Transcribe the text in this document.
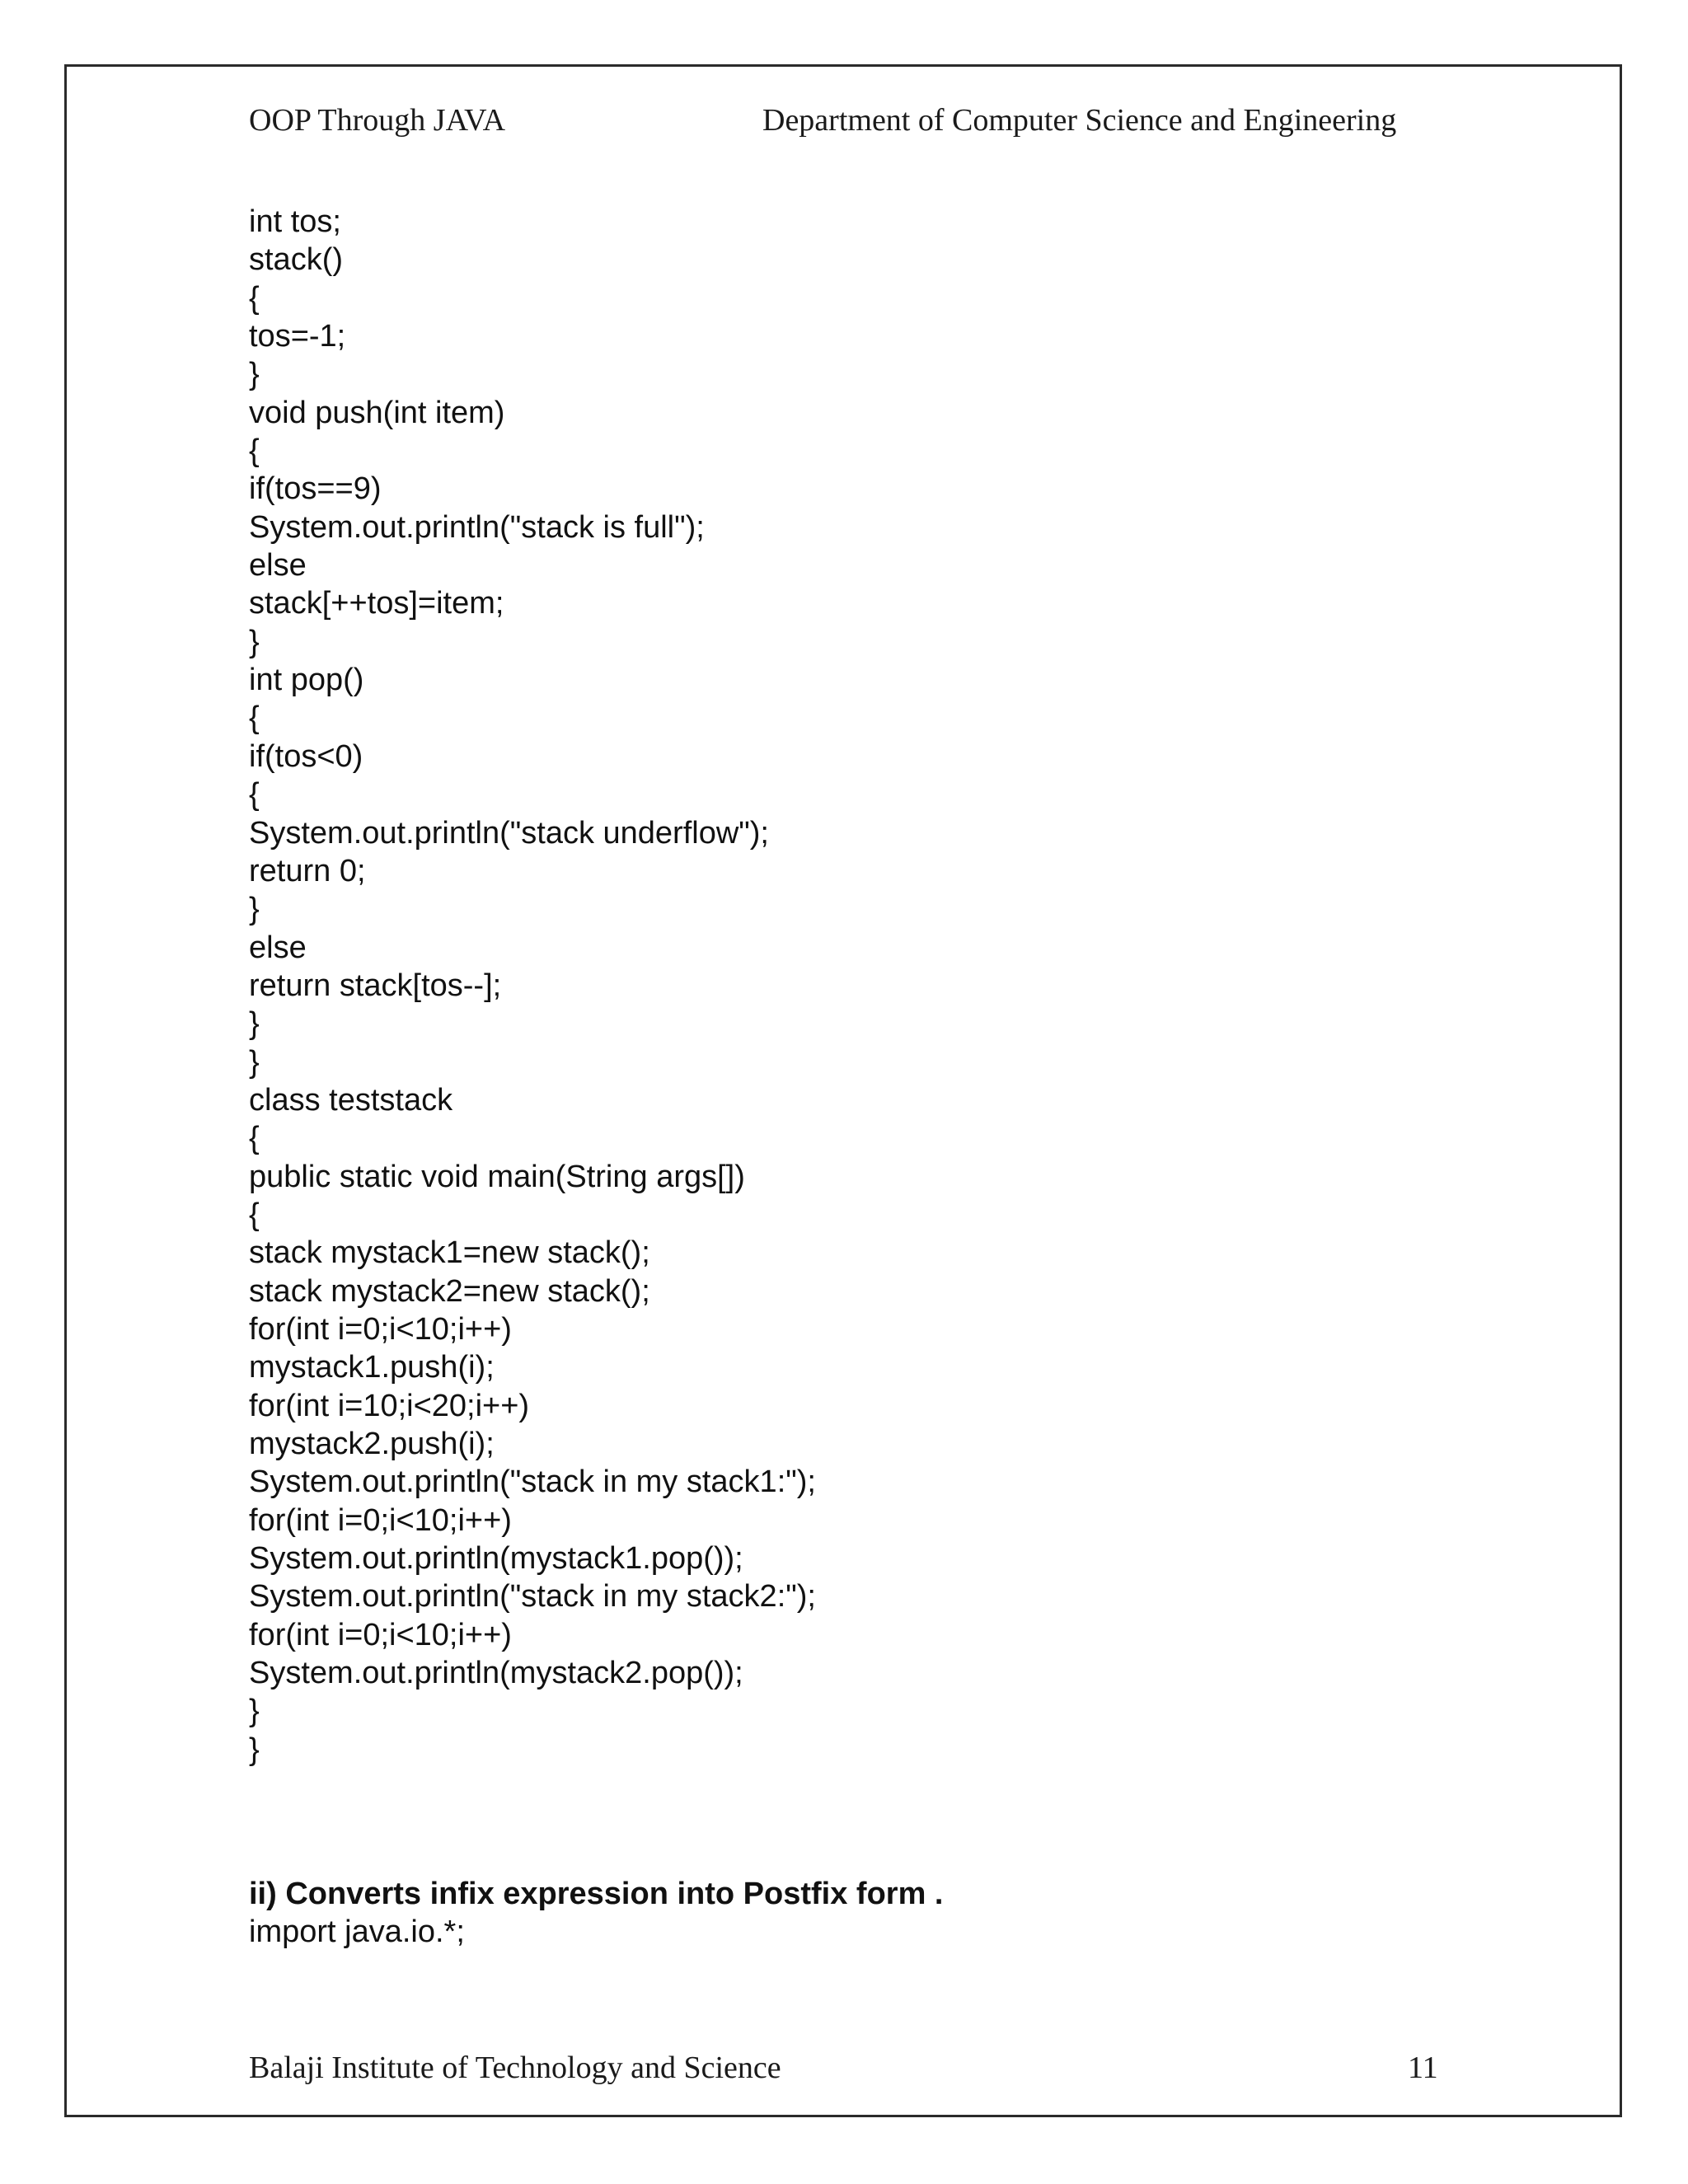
OOP Through JAVA	Department of Computer Science and Engineering
int tos;
stack()
{
tos=-1;
}
void push(int item)
{
if(tos==9)
System.out.println("stack is full");
else
stack[++tos]=item;
}
int pop()
{
if(tos<0)
{
System.out.println("stack underflow");
return 0;
}
else
return stack[tos--];
}
}
class teststack
{
public static void main(String args[])
{
stack mystack1=new stack();
stack mystack2=new stack();
for(int i=0;i<10;i++)
mystack1.push(i);
for(int i=10;i<20;i++)
mystack2.push(i);
System.out.println("stack in my stack1:");
for(int i=0;i<10;i++)
System.out.println(mystack1.pop());
System.out.println("stack in my stack2:");
for(int i=0;i<10;i++)
System.out.println(mystack2.pop());
}
}
ii) Converts infix expression into Postfix form .
import java.io.*;
Balaji Institute of Technology and Science	11
